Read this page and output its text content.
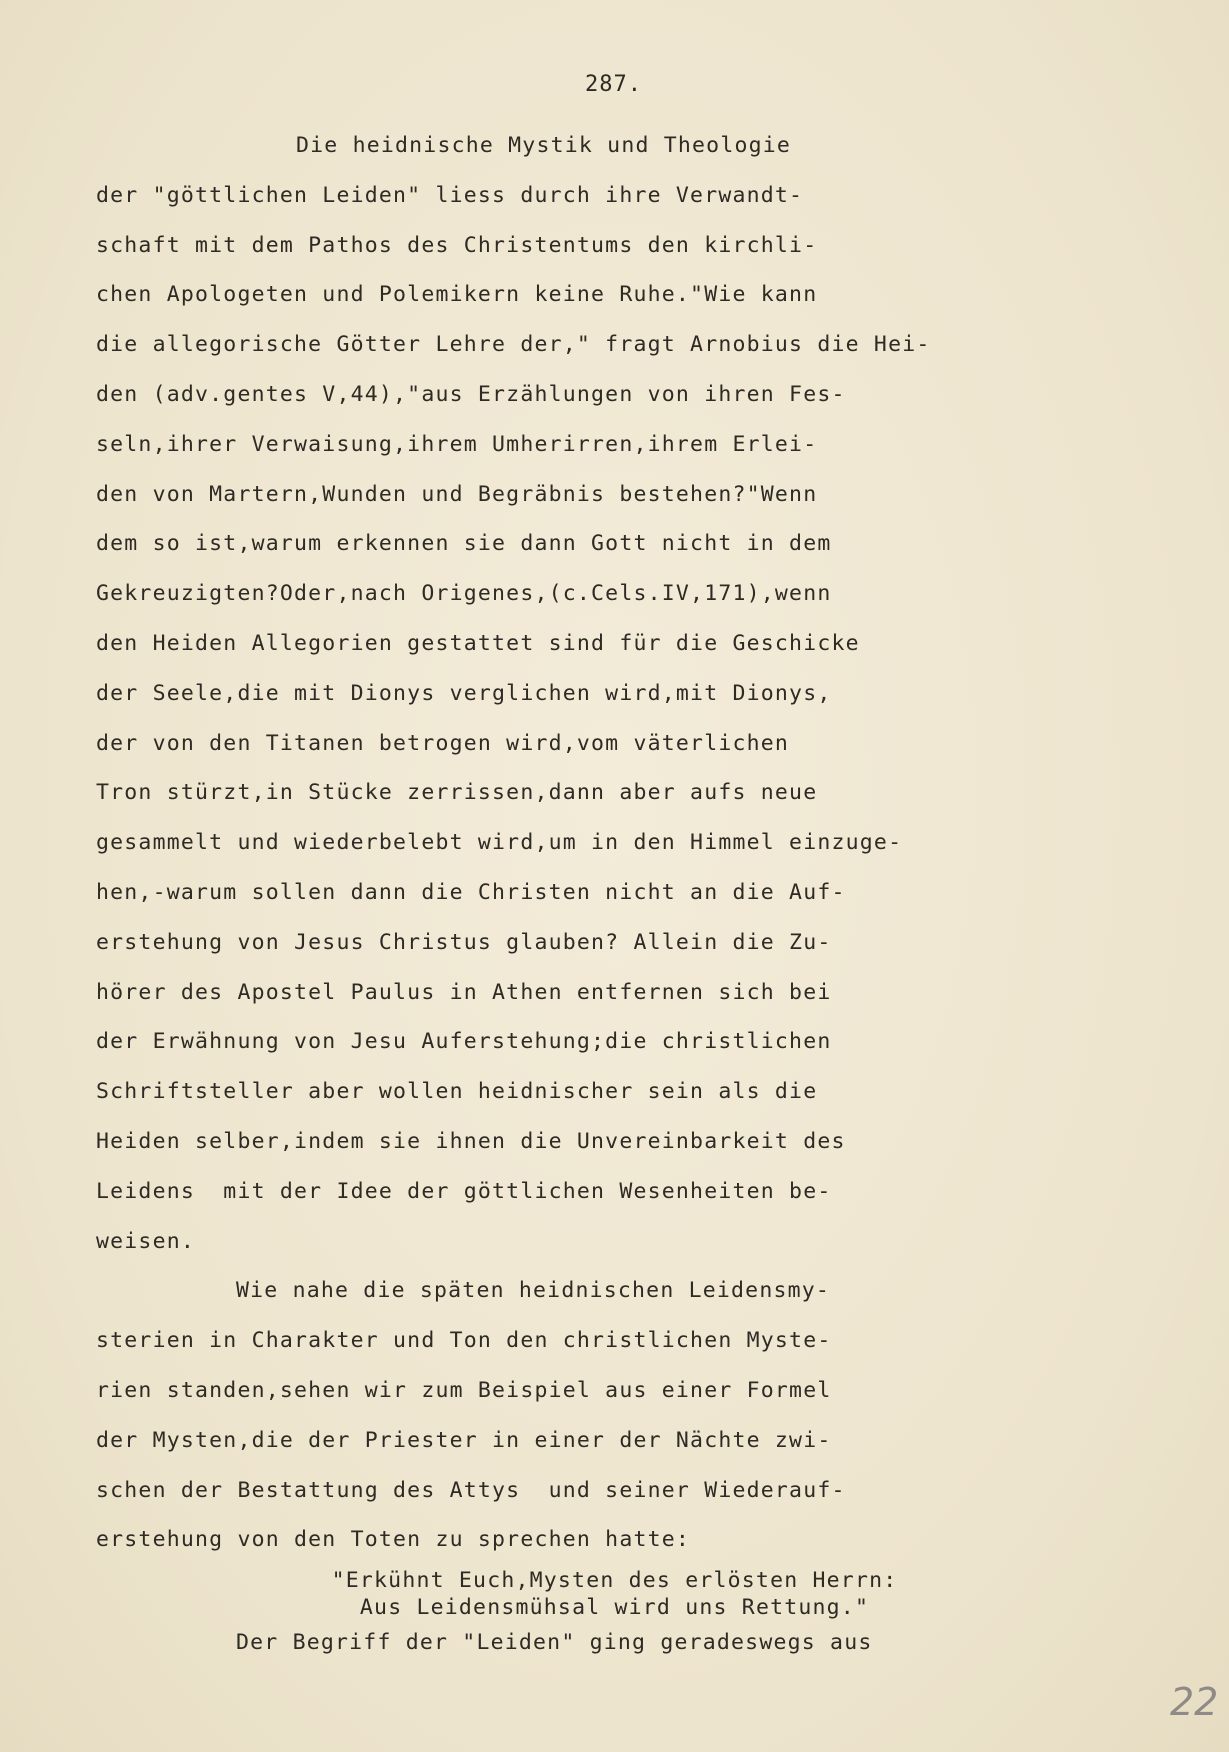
287.
Die heidnische Mystik und Theologie
der "göttlichen Leiden" liess durch ihre Verwandt-
schaft mit dem Pathos des Christentums den kirchli-
chen Apologeten und Polemikern keine Ruhe."Wie kann
die allegorische Götter Lehre der," fragt Arnobius die Hei-
den (adv.gentes V,44),"aus Erzählungen von ihren Fes-
seln,ihrer Verwaisung,ihrem Umherirren,ihrem Erlei-
den von Martern,Wunden und Begräbnis bestehen?"Wenn
dem so ist,warum erkennen sie dann Gott nicht in dem
Gekreuzigten?Oder,nach Origenes,(c.Cels.IV,171),wenn
den Heiden Allegorien gestattet sind für die Geschicke
der Seele,die mit Dionys verglichen wird,mit Dionys,
der von den Titanen betrogen wird,vom väterlichen
Tron stürzt,in Stücke zerrissen,dann aber aufs neue
gesammelt und wiederbelebt wird,um in den Himmel einzuge-
hen,-warum sollen dann die Christen nicht an die Auf-
erstehung von Jesus Christus glauben? Allein die Zu-
hörer des Apostel Paulus in Athen entfernen sich bei
der Erwähnung von Jesu Auferstehung;die christlichen
Schriftsteller aber wollen heidnischer sein als die
Heiden selber,indem sie ihnen die Unvereinbarkeit des
Leidens  mit der Idee der göttlichen Wesenheiten be-
weisen.
Wie nahe die späten heidnischen Leidensmy-
sterien in Charakter und Ton den christlichen Myste-
rien standen,sehen wir zum Beispiel aus einer Formel
der Mysten,die der Priester in einer der Nächte zwi-
schen der Bestattung des Attys  und seiner Wiederauf-
erstehung von den Toten zu sprechen hatte:
"Erkühnt Euch,Mysten des erlösten Herrn:
Aus Leidensmühsal wird uns Rettung."
Der Begriff der "Leiden" ging geradeswegs aus
22
